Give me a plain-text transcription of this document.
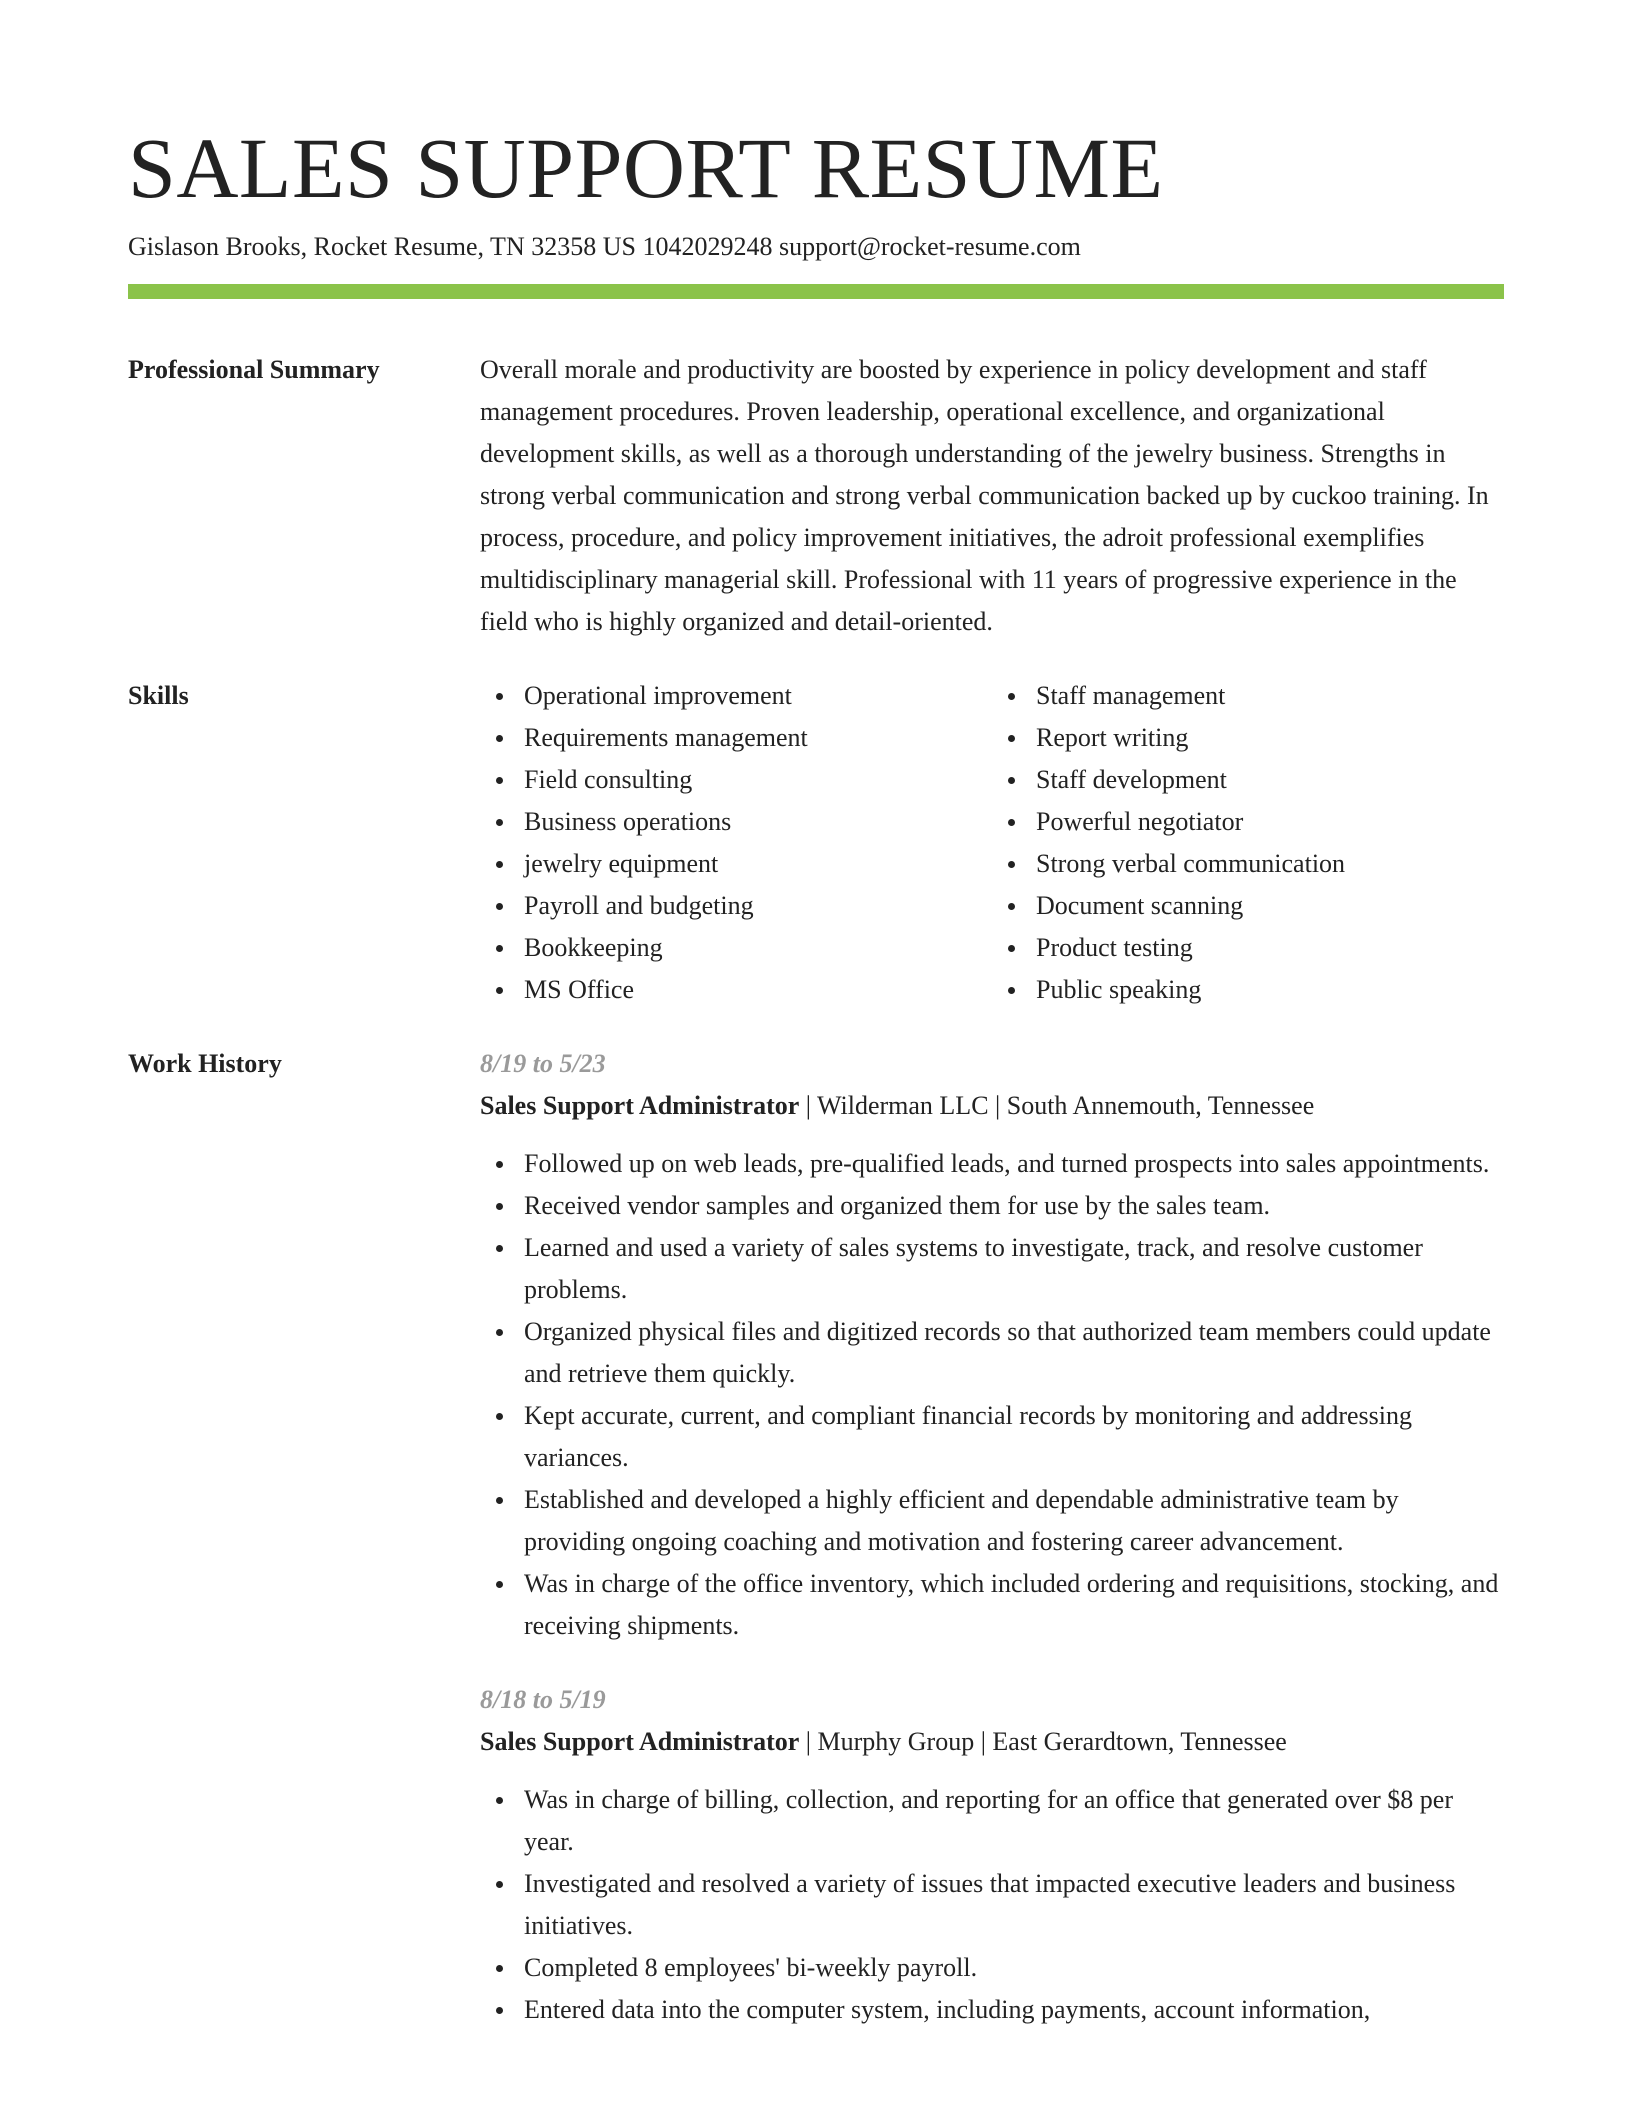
SALES SUPPORT RESUME
Gislason Brooks, Rocket Resume, TN 32358 US 1042029248 support@rocket-resume.com
Professional Summary	Overall morale and productivity are boosted by experience in policy development and staff management procedures. Proven leadership, operational excellence, and organizational development skills, as well as a thorough understanding of the jewelry business. Strengths in strong verbal communication and strong verbal communication backed up by cuckoo training. In process, procedure, and policy improvement initiatives, the adroit professional exemplifies multidisciplinary managerial skill. Professional with 11 years of progressive experience in the field who is highly organized and detail-oriented.

Skills	Operational improvement
Requirements management
Field consulting
Business operations
jewelry equipment
Payroll and budgeting
Bookkeeping
MS Office
Staff management
Report writing
Staff development
Powerful negotiator
Strong verbal communication
Document scanning
Product testing
Public speaking
Work History	8/19 to 5/23
Sales Support Administrator | Wilderman LLC | South Annemouth, Tennessee
Followed up on web leads, pre-qualified leads, and turned prospects into sales appointments.
Received vendor samples and organized them for use by the sales team.
Learned and used a variety of sales systems to investigate, track, and resolve customer problems.
Organized physical files and digitized records so that authorized team members could update and retrieve them quickly.
Kept accurate, current, and compliant financial records by monitoring and addressing variances.
Established and developed a highly efficient and dependable administrative team by providing ongoing coaching and motivation and fostering career advancement.
Was in charge of the office inventory, which included ordering and requisitions, stocking, and receiving shipments.
8/18 to 5/19
Sales Support Administrator | Murphy Group | East Gerardtown, Tennessee
Was in charge of billing, collection, and reporting for an office that generated over $8 per year.
Investigated and resolved a variety of issues that impacted executive leaders and business initiatives.
Completed 8 employees' bi-weekly payroll.
Entered data into the computer system, including payments, account information,
